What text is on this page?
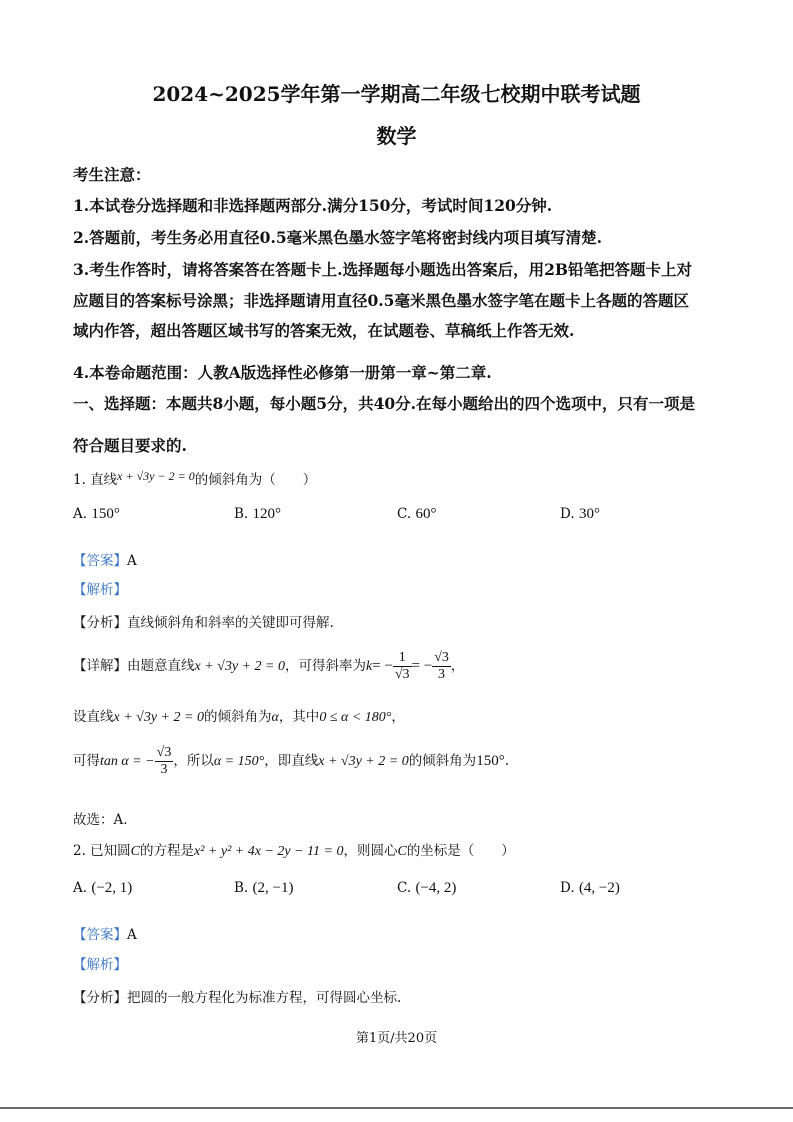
2024~2025学年第一学期高二年级七校期中联考试题
数学
考生注意：
1.本试卷分选择题和非选择题两部分.满分150分，考试时间120分钟.
2.答题前，考生务必用直径0.5毫米黑色墨水签字笔将密封线内项目填写清楚.
3.考生作答时，请将答案答在答题卡上.选择题每小题选出答案后，用2B铅笔把答题卡上对
应题目的答案标号涂黑；非选择题请用直径0.5毫米黑色墨水签字笔在题卡上各题的答题区
域内作答，超出答题区域书写的答案无效，在试题卷、草稿纸上作答无效.
4.本卷命题范围：人教A版选择性必修第一册第一章~第二章.
一、选择题：本题共8小题，每小题5分，共40分.在每小题给出的四个选项中，只有一项是
符合题目要求的.
1. 直线x + √3y − 2 = 0的倾斜角为（　　）
A. 150°	B. 120°	C. 60°	D. 30°
【答案】A
【解析】
【分析】直线倾斜角和斜率的关键即可得解.
【详解】由题意直线x + √3y + 2 = 0，可得斜率为$k= - \frac{1}{√3}$ = − $\frac{√3}{3}$ ，
设直线x + √3y + 2 = 0的倾斜角为α，其中0 ≤ α < 180°，
可得tan α = − $\frac{√3}{3}$ ，所以α = 150°，即直线x + √3y + 2 = 0的倾斜角为150°.
故选：A.
2. 已知圆C的方程是x² + y² + 4x − 2y − 11 = 0，则圆心C的坐标是（　　）
A. (−2, 1)	B. (2, −1)	C. (−4, 2)	D. (4, −2)
【答案】A
【解析】
【分析】把圆的一般方程化为标准方程，可得圆心坐标.
第1页/共20页
